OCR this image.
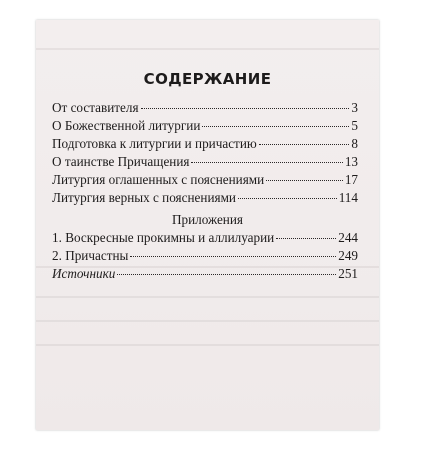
СОДЕРЖАНИЕ
От составителя	3
О Божественной литургии	5
Подготовка к литургии и причастию	8
О таинстве Причащения	13
Литургия оглашенных с пояснениями	17
Литургия верных с пояснениями	114
Приложения
1. Воскресные прокимны и аллилуарии	244
2. Причастны	249
Источники	251
